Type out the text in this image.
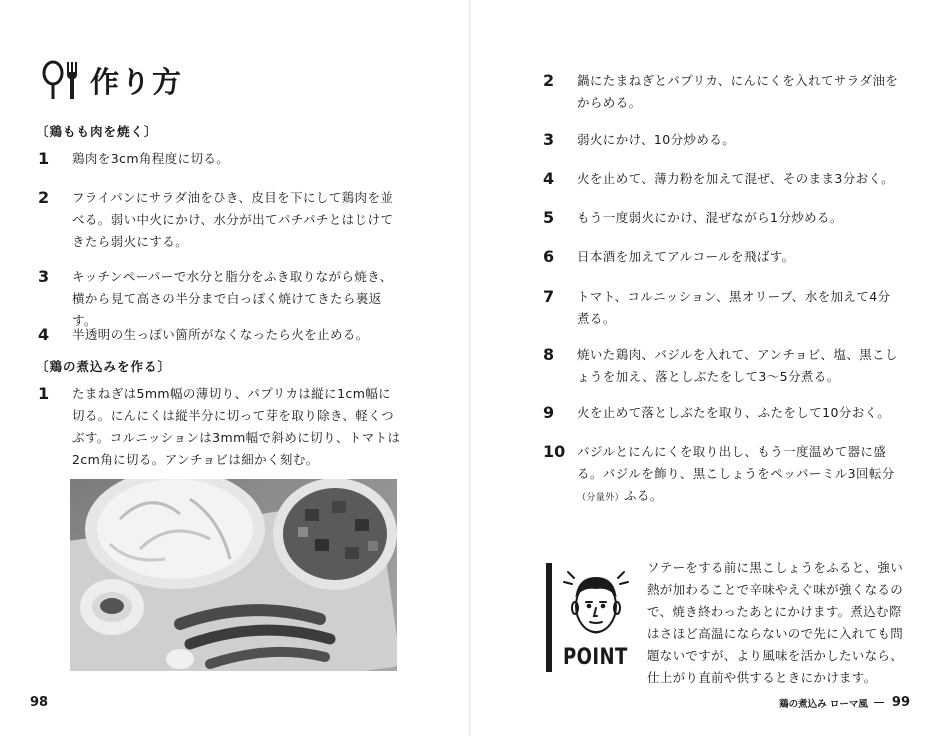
作り方
〔鶏もも肉を焼く〕
1	鶏肉を3cm角程度に切る。
2	フライパンにサラダ油をひき、皮目を下にして鶏肉を並べる。弱い中火にかけ、水分が出てパチパチとはじけてきたら弱火にする。
3	キッチンペーパーで水分と脂分をふき取りながら焼き、横から見て高さの半分まで白っぽく焼けてきたら裏返す。
4	半透明の生っぽい箇所がなくなったら火を止める。
〔鶏の煮込みを作る〕
1	たまねぎは5mm幅の薄切り、パプリカは縦に1cm幅に切る。にんにくは縦半分に切って芽を取り除き、軽くつぶす。コルニッションは3mm幅で斜めに切り、トマトは2cm角に切る。アンチョビは細かく刻む。
98
2	鍋にたまねぎとパプリカ、にんにくを入れてサラダ油をからめる。
3	弱火にかけ、10分炒める。
4	火を止めて、薄力粉を加えて混ぜ、そのまま3分おく。
5	もう一度弱火にかけ、混ぜながら1分炒める。
6	日本酒を加えてアルコールを飛ばす。
7	トマト、コルニッション、黒オリーブ、水を加えて4分煮る。
8	焼いた鶏肉、バジルを入れて、アンチョビ、塩、黒こしょうを加え、落としぶたをして3～5分煮る。
9	火を止めて落としぶたを取り、ふたをして10分おく。
10 バジルとにんにくを取り出し、もう一度温めて器に盛る。バジルを飾り、黒こしょうをペッパーミル3回転分（分量外）ふる。
POINT
ソテーをする前に黒こしょうをふると、強い熱が加わることで辛味やえぐ味が強くなるので、焼き終わったあとにかけます。煮込む際はさほど高温にならないので先に入れても問題ないですが、より風味を活かしたいなら、仕上がり直前や供するときにかけます。
鶏の煮込み ローマ風 99
